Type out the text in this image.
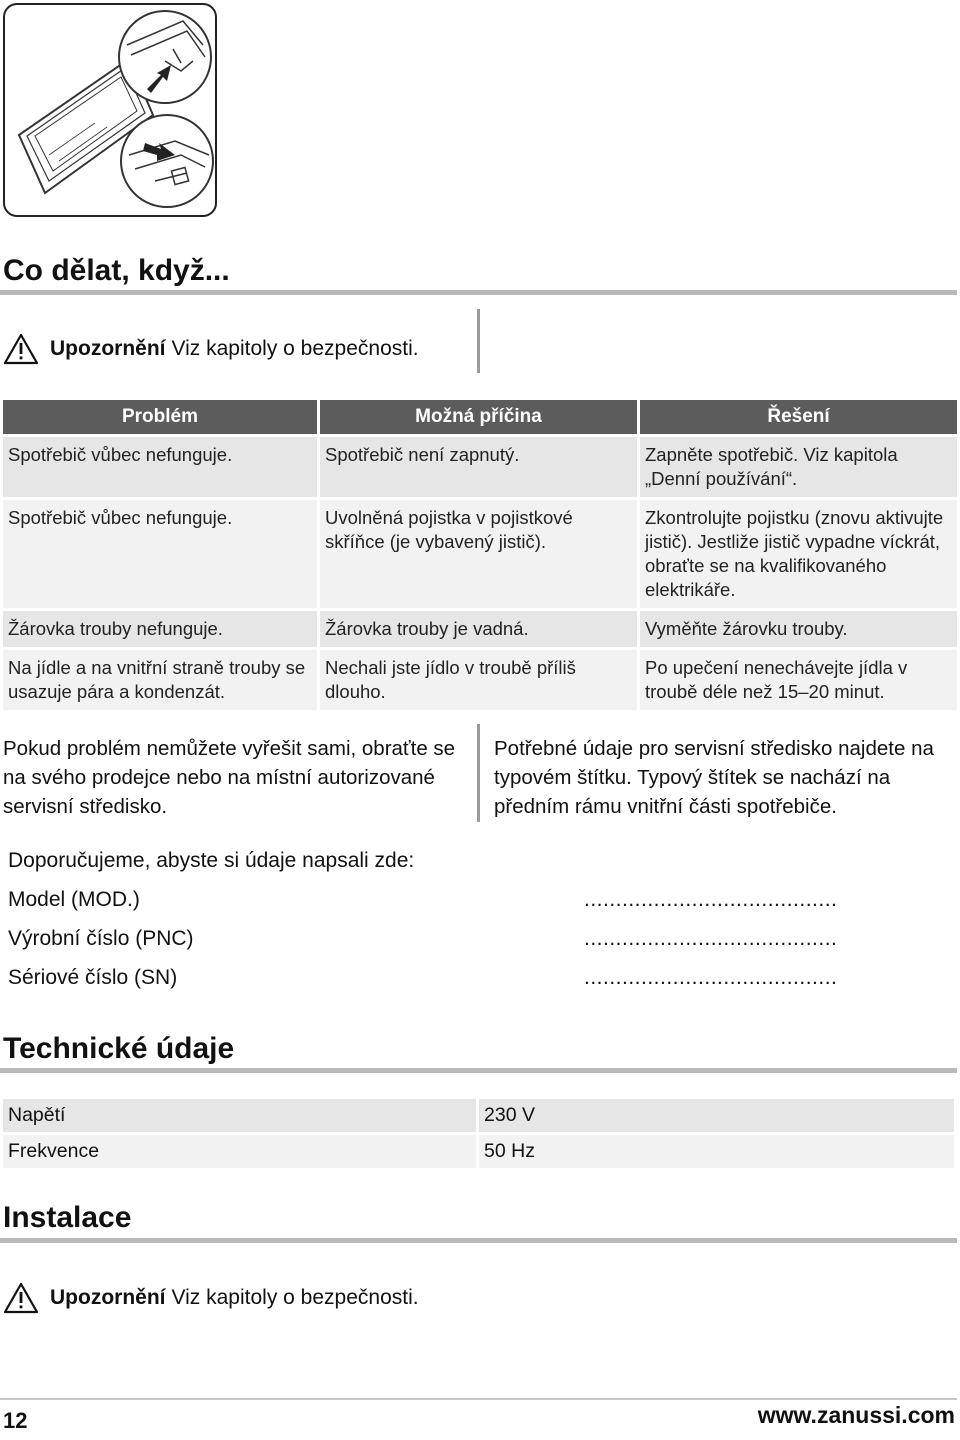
Co dělat, když...
Upozornění Viz kapitoly o bezpečnosti.
Problém	Možná příčina	Řešení
Spotřebič vůbec nefunguje.	Spotřebič není zapnutý.	Zapněte spotřebič. Viz kapitola „Denní používání“.
Spotřebič vůbec nefunguje.	Uvolněná pojistka v pojistkové skříňce (je vybavený jistič).	Zkontrolujte pojistku (znovu aktivujte jistič). Jestliže jistič vypadne víckrát, obraťte se na kvalifikovaného elektrikáře.
Žárovka trouby nefunguje.	Žárovka trouby je vadná.	Vyměňte žárovku trouby.
Na jídle a na vnitřní straně trouby se usazuje pára a kondenzát.	Nechali jste jídlo v troubě příliš dlouho.	Po upečení nenechávejte jídla v troubě déle než 15–20 minut.
Pokud problém nemůžete vyřešit sami, obraťte se na svého prodejce nebo na místní autorizované servisní středisko.
Potřebné údaje pro servisní středisko najdete na typovém štítku. Typový štítek se nachází na předním rámu vnitřní části spotřebiče.
Doporučujeme, abyste si údaje napsali zde:
Model (MOD.)	........................................
Výrobní číslo (PNC)	........................................
Sériové číslo (SN)	........................................
Technické údaje
Napětí	230 V
Frekvence	50 Hz
Instalace
Upozornění Viz kapitoly o bezpečnosti.
12	www.zanussi.com
